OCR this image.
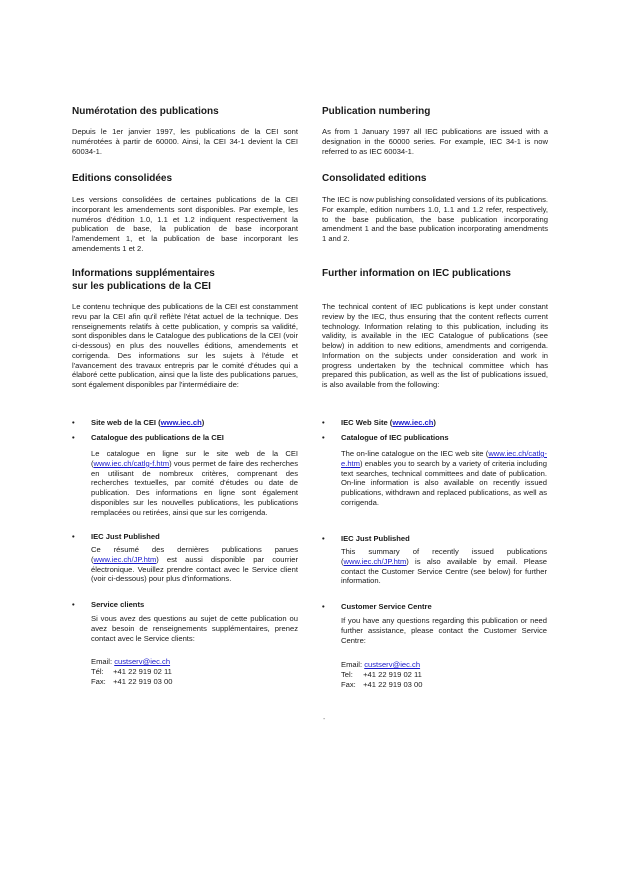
Numérotation des publications

Depuis le 1er janvier 1997, les publications de la CEI sont numérotées à partir de 60000. Ainsi, la CEI 34-1 devient la CEI 60034-1.

Editions consolidées

Les versions consolidées de certaines publications de la CEI incorporant les amendements sont disponibles. Par exemple, les numéros d'édition 1.0, 1.1 et 1.2 indiquent respectivement la publication de base, la publication de base incorporant l'amendement 1, et la publication de base incorporant les amendements 1 et 2.

Informations supplémentaires
sur les publications de la CEI

Le contenu technique des publications de la CEI est constamment revu par la CEI afin qu'il reflète l'état actuel de la technique. Des renseignements relatifs à cette publication, y compris sa validité, sont disponibles dans le Catalogue des publications de la CEI (voir ci-dessous) en plus des nouvelles éditions, amendements et corrigenda. Des informations sur les sujets à l'étude et l'avancement des travaux entrepris par le comité d'études qui a élaboré cette publication, ainsi que la liste des publications parues, sont également disponibles par l'intermédiaire de:

• Site web de la CEI (www.iec.ch)
• Catalogue des publications de la CEI

Le catalogue en ligne sur le site web de la CEI (www.iec.ch/catlg-f.htm) vous permet de faire des recherches en utilisant de nombreux critères, comprenant des recherches textuelles, par comité d'études ou date de publication. Des informations en ligne sont également disponibles sur les nouvelles publications, les publications remplacées ou retirées, ainsi que sur les corrigenda.

• IEC Just Published

Ce résumé des dernières publications parues (www.iec.ch/JP.htm) est aussi disponible par courrier électronique. Veuillez prendre contact avec le Service client (voir ci-dessous) pour plus d'informations.

• Service clients

Si vous avez des questions au sujet de cette publication ou avez besoin de renseignements supplémentaires, prenez contact avec le Service clients:

Email: custserv@iec.ch
Tél: +41 22 919 02 11
Fax: +41 22 919 03 00
Publication numbering

As from 1 January 1997 all IEC publications are issued with a designation in the 60000 series. For example, IEC 34-1 is now referred to as IEC 60034-1.

Consolidated editions

The IEC is now publishing consolidated versions of its publications. For example, edition numbers 1.0, 1.1 and 1.2 refer, respectively, to the base publication, the base publication incorporating amendment 1 and the base publication incorporating amendments 1 and 2.

Further information on IEC publications

The technical content of IEC publications is kept under constant review by the IEC, thus ensuring that the content reflects current technology. Information relating to this publication, including its validity, is available in the IEC Catalogue of publications (see below) in addition to new editions, amendments and corrigenda. Information on the subjects under consideration and work in progress undertaken by the technical committee which has prepared this publication, as well as the list of publications issued, is also available from the following:

• IEC Web Site (www.iec.ch)
• Catalogue of IEC publications

The on-line catalogue on the IEC web site (www.iec.ch/catlg-e.htm) enables you to search by a variety of criteria including text searches, technical committees and date of publication. On-line information is also available on recently issued publications, withdrawn and replaced publications, as well as corrigenda.

• IEC Just Published

This summary of recently issued publications (www.iec.ch/JP.htm) is also available by email. Please contact the Customer Service Centre (see below) for further information.

• Customer Service Centre

If you have any questions regarding this publication or need further assistance, please contact the Customer Service Centre:

Email: custserv@iec.ch
Tel: +41 22 919 02 11
Fax: +41 22 919 03 00
-
